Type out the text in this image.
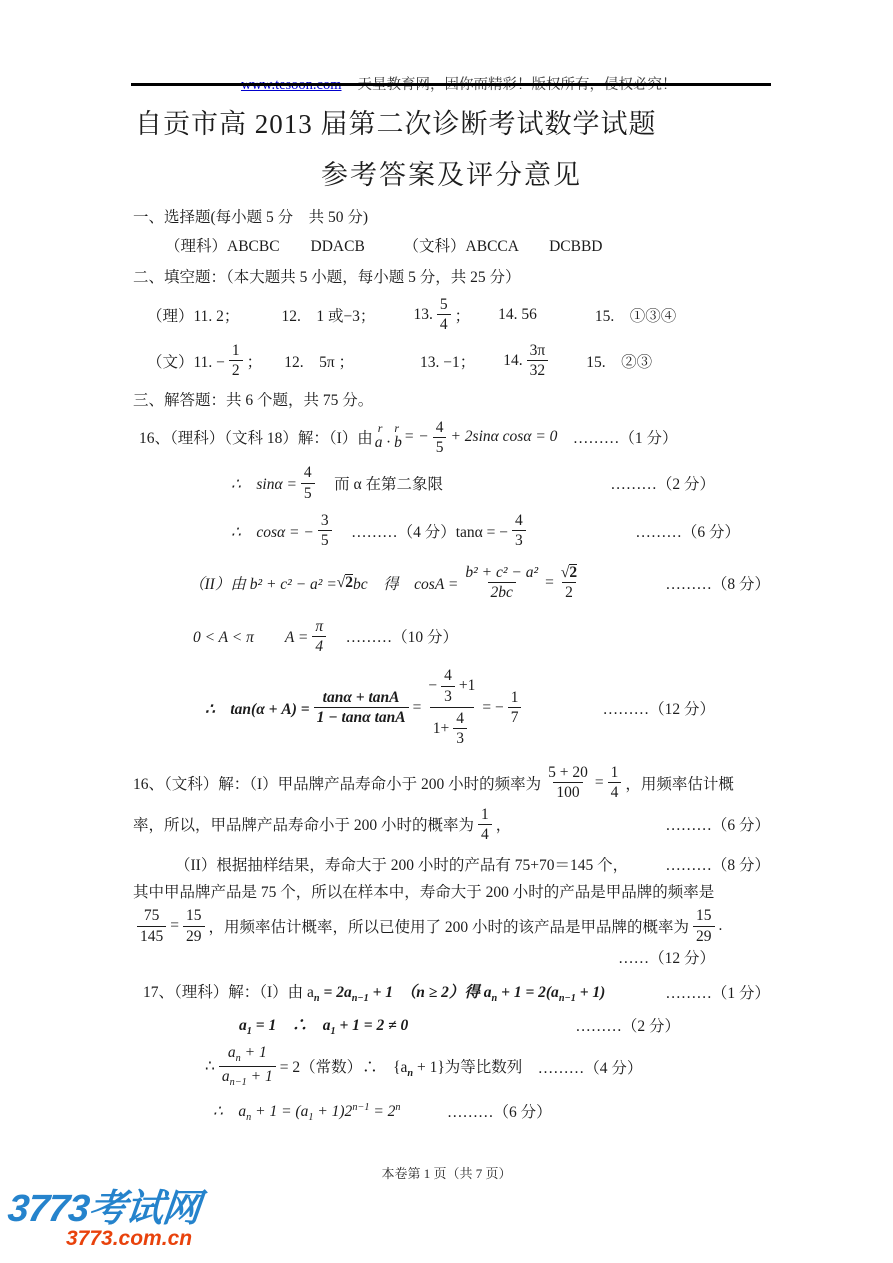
www.tesoon.com 天星教育网，因你而精彩！版权所有，侵权必究！

自贡市高 2013 届第二次诊断考试数学试题
参考答案及评分意见
一、选择题(每小题 5 分　共 50 分)
（理科）ABCBC　　DDACB　　　（文科）ABCCA　　DCBBD
二、填空题：（本大题共 5 小题，每小题 5 分，共 25 分）
（理）11. 2；	12.　1 或−3； 13. $\frac{5}{4}$ ； 14. 56	15.　①③④
（文）11. − $\frac{1}{2}$ ； 12.　5π ；	13. −1； 14. $\frac{3\pi}{32} 15$.　②③
三、解答题：共 6 个题，共 75 分。
16、（理科）（文科 18）解：（I）由
r　r
a · b = − $\frac{4}{5} + 2\sin\alpha$ cosα = 0 　………（1 分）
∴　$\sin\alpha = \frac{4}{5}$ 　而 α 在第二象限	………（2 分）
∴　cosα = − $\frac{3}{5}$ 　………（4 分）tanα = − $\frac{4}{3}$	………（6 分）
（II）由 b² + c² − a² = √2 bc　得　$\cos A = \frac{\text{b² + c² − a²}}{2bc} = \frac{√2}{2}$	………（8 分）
0 < A < π　　$A = \frac{\pi}{4}$ 　………（10 分）
∴　$\tan(\alpha + A) = \frac{\tan\alpha + \tan A}{\text{1 − tanα tanA}} = \frac{- \frac{4}{3} +1}{1+ \frac{4}{3}}$ = − $\frac{1}{7}$	………（12 分）
16、（文科）解：（I）甲品牌产品寿命小于 200 小时的频率为 $\frac{5 + 20}{100} = \frac{1}{4}$ ，用频率估计概
率，所以，甲品牌产品寿命小于 200 小时的概率为 $\frac{1}{4}$ ，	………（6 分）
（II）根据抽样结果，寿命大于 200 小时的产品有 75+70＝145 个， ………（8 分）
其中甲品牌产品是 75 个，所以在样本中，寿命大于 200 小时的产品是甲品牌的频率是
$\frac{75}{145} = \frac{15}{29}$ ，用频率估计概率，所以已使用了 200 小时的该产品是甲品牌的概率为 $\frac{15}{29}$ .
……（12 分）
17、（理科）解：（I）由 $a_n = 2a_{n-1} + 1$　（n ≥ 2）得 $a_n + 1 = 2(a_{n-1} + 1)$	………（1 分）
$a_1 = 1$　∴　$a_1 + 1 = 2 \ne 0$	………（2 分）
∴ $\frac{a_n + 1}{a_{n-1} + 1} = 2$（常数）∴　$\{a_n + 1\}$为等比数列 　………（4 分）
∴　$a_n + 1 = (a_1 + 1)2^{n-1} = 2^n$ 　　　………（6 分）
本卷第 1 页（共 7 页）
3773考试网
3773.com.cn
